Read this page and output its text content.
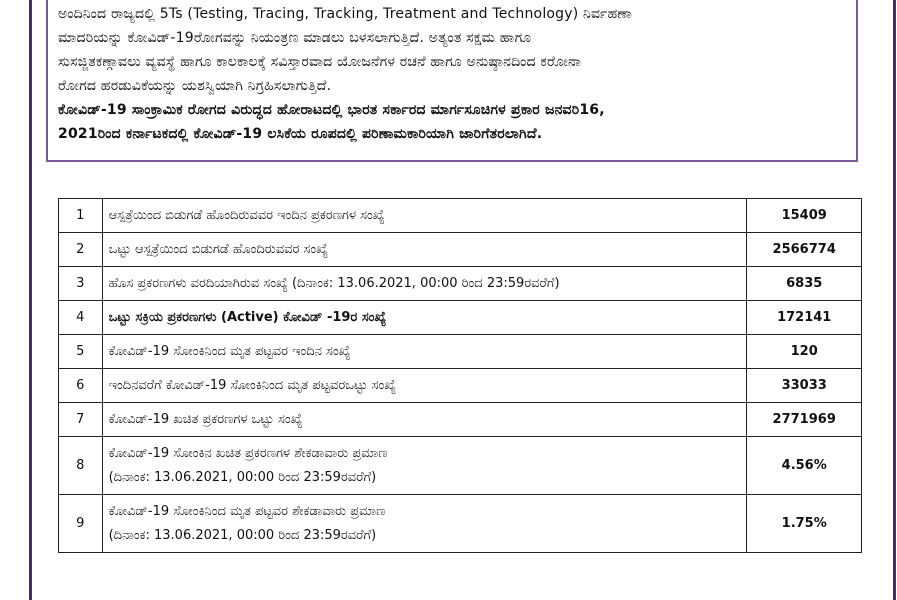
ಅಂದಿನಿಂದ ರಾಜ್ಯದಲ್ಲಿ 5Ts (Testing, Tracing, Tracking, Treatment and Technology) ನಿರ್ವಹಣಾ
ಮಾದರಿಯನ್ನು ಕೋವಿಡ್-19ರೋಗವನ್ನು ನಿಯಂತ್ರಣ ಮಾಡಲು ಬಳಸಲಾಗುತ್ತಿದೆ. ಅತ್ಯಂತ ಸಕ್ಷಮ ಹಾಗೂ
ಸುಸಜ್ಜಿತಕಣ್ಗಾವಲು ವ್ಯವಸ್ಥೆ ಹಾಗೂ ಕಾಲಕಾಲಕ್ಕೆ ಸವಿಸ್ತಾರವಾದ ಯೋಜನೆಗಳ ರಚನೆ ಹಾಗೂ ಅನುಷ್ಠಾನದಿಂದ ಕರೋನಾ
ರೋಗದ ಹರಡುವಿಕೆಯನ್ನು ಯಶಸ್ವಿಯಾಗಿ ನಿಗ್ರಹಿಸಲಾಗುತ್ತಿದೆ.
ಕೋವಿಡ್-19 ಸಾಂಕ್ರಾಮಿಕ ರೋಗದ ವಿರುದ್ಧದ ಹೋರಾಟದಲ್ಲಿ ಭಾರತ ಸರ್ಕಾರದ ಮಾರ್ಗಸೂಚಿಗಳ ಪ್ರಕಾರ ಜನವರಿ16,
2021ರಿಂದ ಕರ್ನಾಟಕದಲ್ಲಿ ಕೋವಿಡ್-19 ಲಸಿಕೆಯ ರೂಪದಲ್ಲಿ ಪರಿಣಾಮಕಾರಿಯಾಗಿ ಜಾರಿಗೆತರಲಾಗಿದೆ.
1	ಆಸ್ಪತ್ರೆಯಿಂದ ಬಿಡುಗಡೆ ಹೊಂದಿರುವವರ ಇಂದಿನ ಪ್ರಕರಣಗಳ ಸಂಖ್ಯೆ	15409
2	ಒಟ್ಟು ಆಸ್ಪತ್ರೆಯಿಂದ ಬಿಡುಗಡೆ ಹೊಂದಿರುವವರ ಸಂಖ್ಯೆ	2566774
3	ಹೊಸ ಪ್ರಕರಣಗಳು ವರದಿಯಾಗಿರುವ ಸಂಖ್ಯೆ (ದಿನಾಂಕ: 13.06.2021, 00:00 ರಿಂದ 23:59ರವರೆಗೆ)	6835
4	ಒಟ್ಟು ಸಕ್ರಿಯ ಪ್ರಕರಣಗಳು (Active) ಕೋವಿಡ್ -19ರ ಸಂಖ್ಯೆ	172141
5	ಕೋವಿಡ್-19 ಸೋಂಕಿನಿಂದ ಮೃತ ಪಟ್ಟವರ ಇಂದಿನ ಸಂಖ್ಯೆ	120
6	ಇಂದಿನವರೆಗೆ ಕೋವಿಡ್-19 ಸೋಂಕಿನಿಂದ ಮೃತ ಪಟ್ಟವರಒಟ್ಟು ಸಂಖ್ಯೆ	33033
7	ಕೋವಿಡ್-19 ಖಚಿತ ಪ್ರಕರಣಗಳ ಒಟ್ಟು ಸಂಖ್ಯೆ	2771969
8	ಕೋವಿಡ್-19 ಸೋಂಕಿನ ಖಚಿತ ಪ್ರಕರಣಗಳ ಶೇಕಡಾವಾರು ಪ್ರಮಾಣ
(ದಿನಾಂಕ: 13.06.2021, 00:00 ರಿಂದ 23:59ರವರೆಗೆ)	4.56%
9	ಕೋವಿಡ್-19 ಸೋಂಕಿನಿಂದ ಮೃತ ಪಟ್ಟವರ ಶೇಕಡಾವಾರು ಪ್ರಮಾಣ
(ದಿನಾಂಕ: 13.06.2021, 00:00 ರಿಂದ 23:59ರವರೆಗೆ)	1.75%
